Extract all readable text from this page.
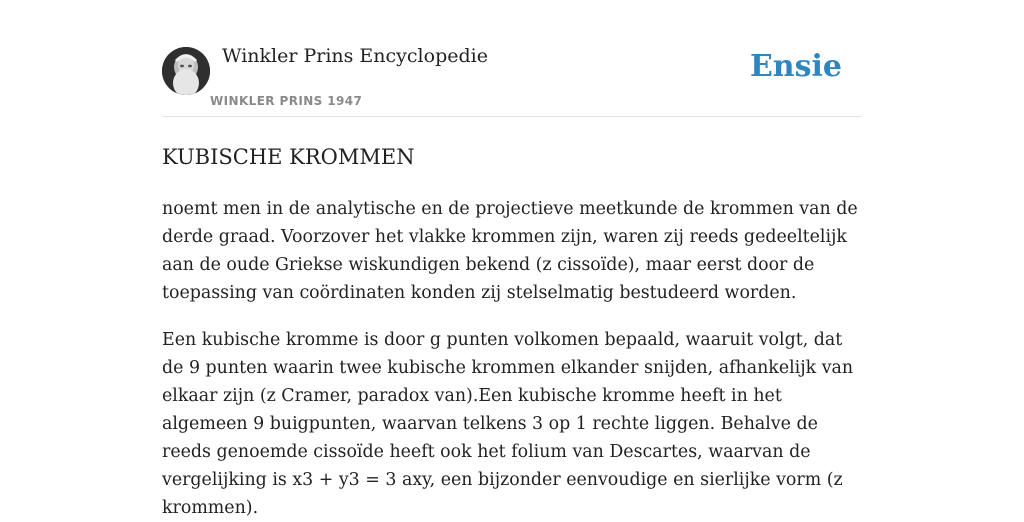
Winkler Prins Encyclopedie
WINKLER PRINS 1947
Ensie
KUBISCHE KROMMEN

noemt men in de analytische en de projectieve meetkunde de krommen van de derde graad. Voorzover het vlakke krommen zijn, waren zij reeds gedeeltelijk aan de oude Griekse wiskundigen bekend (z cissoïde), maar eerst door de toepassing van coördinaten konden zij stelselmatig bestudeerd worden.

Een kubische kromme is door g punten volkomen bepaald, waaruit volgt, dat de 9 punten waarin twee kubische krommen elkander snijden, afhankelijk van elkaar zijn (z Cramer, paradox van).Een kubische kromme heeft in het algemeen 9 buigpunten, waarvan telkens 3 op 1 rechte liggen. Behalve de reeds genoemde cissoïde heeft ook het folium van Descartes, waarvan de vergelijking is x3 + y3 = 3 axy, een bijzonder eenvoudige en sierlijke vorm (z krommen).
